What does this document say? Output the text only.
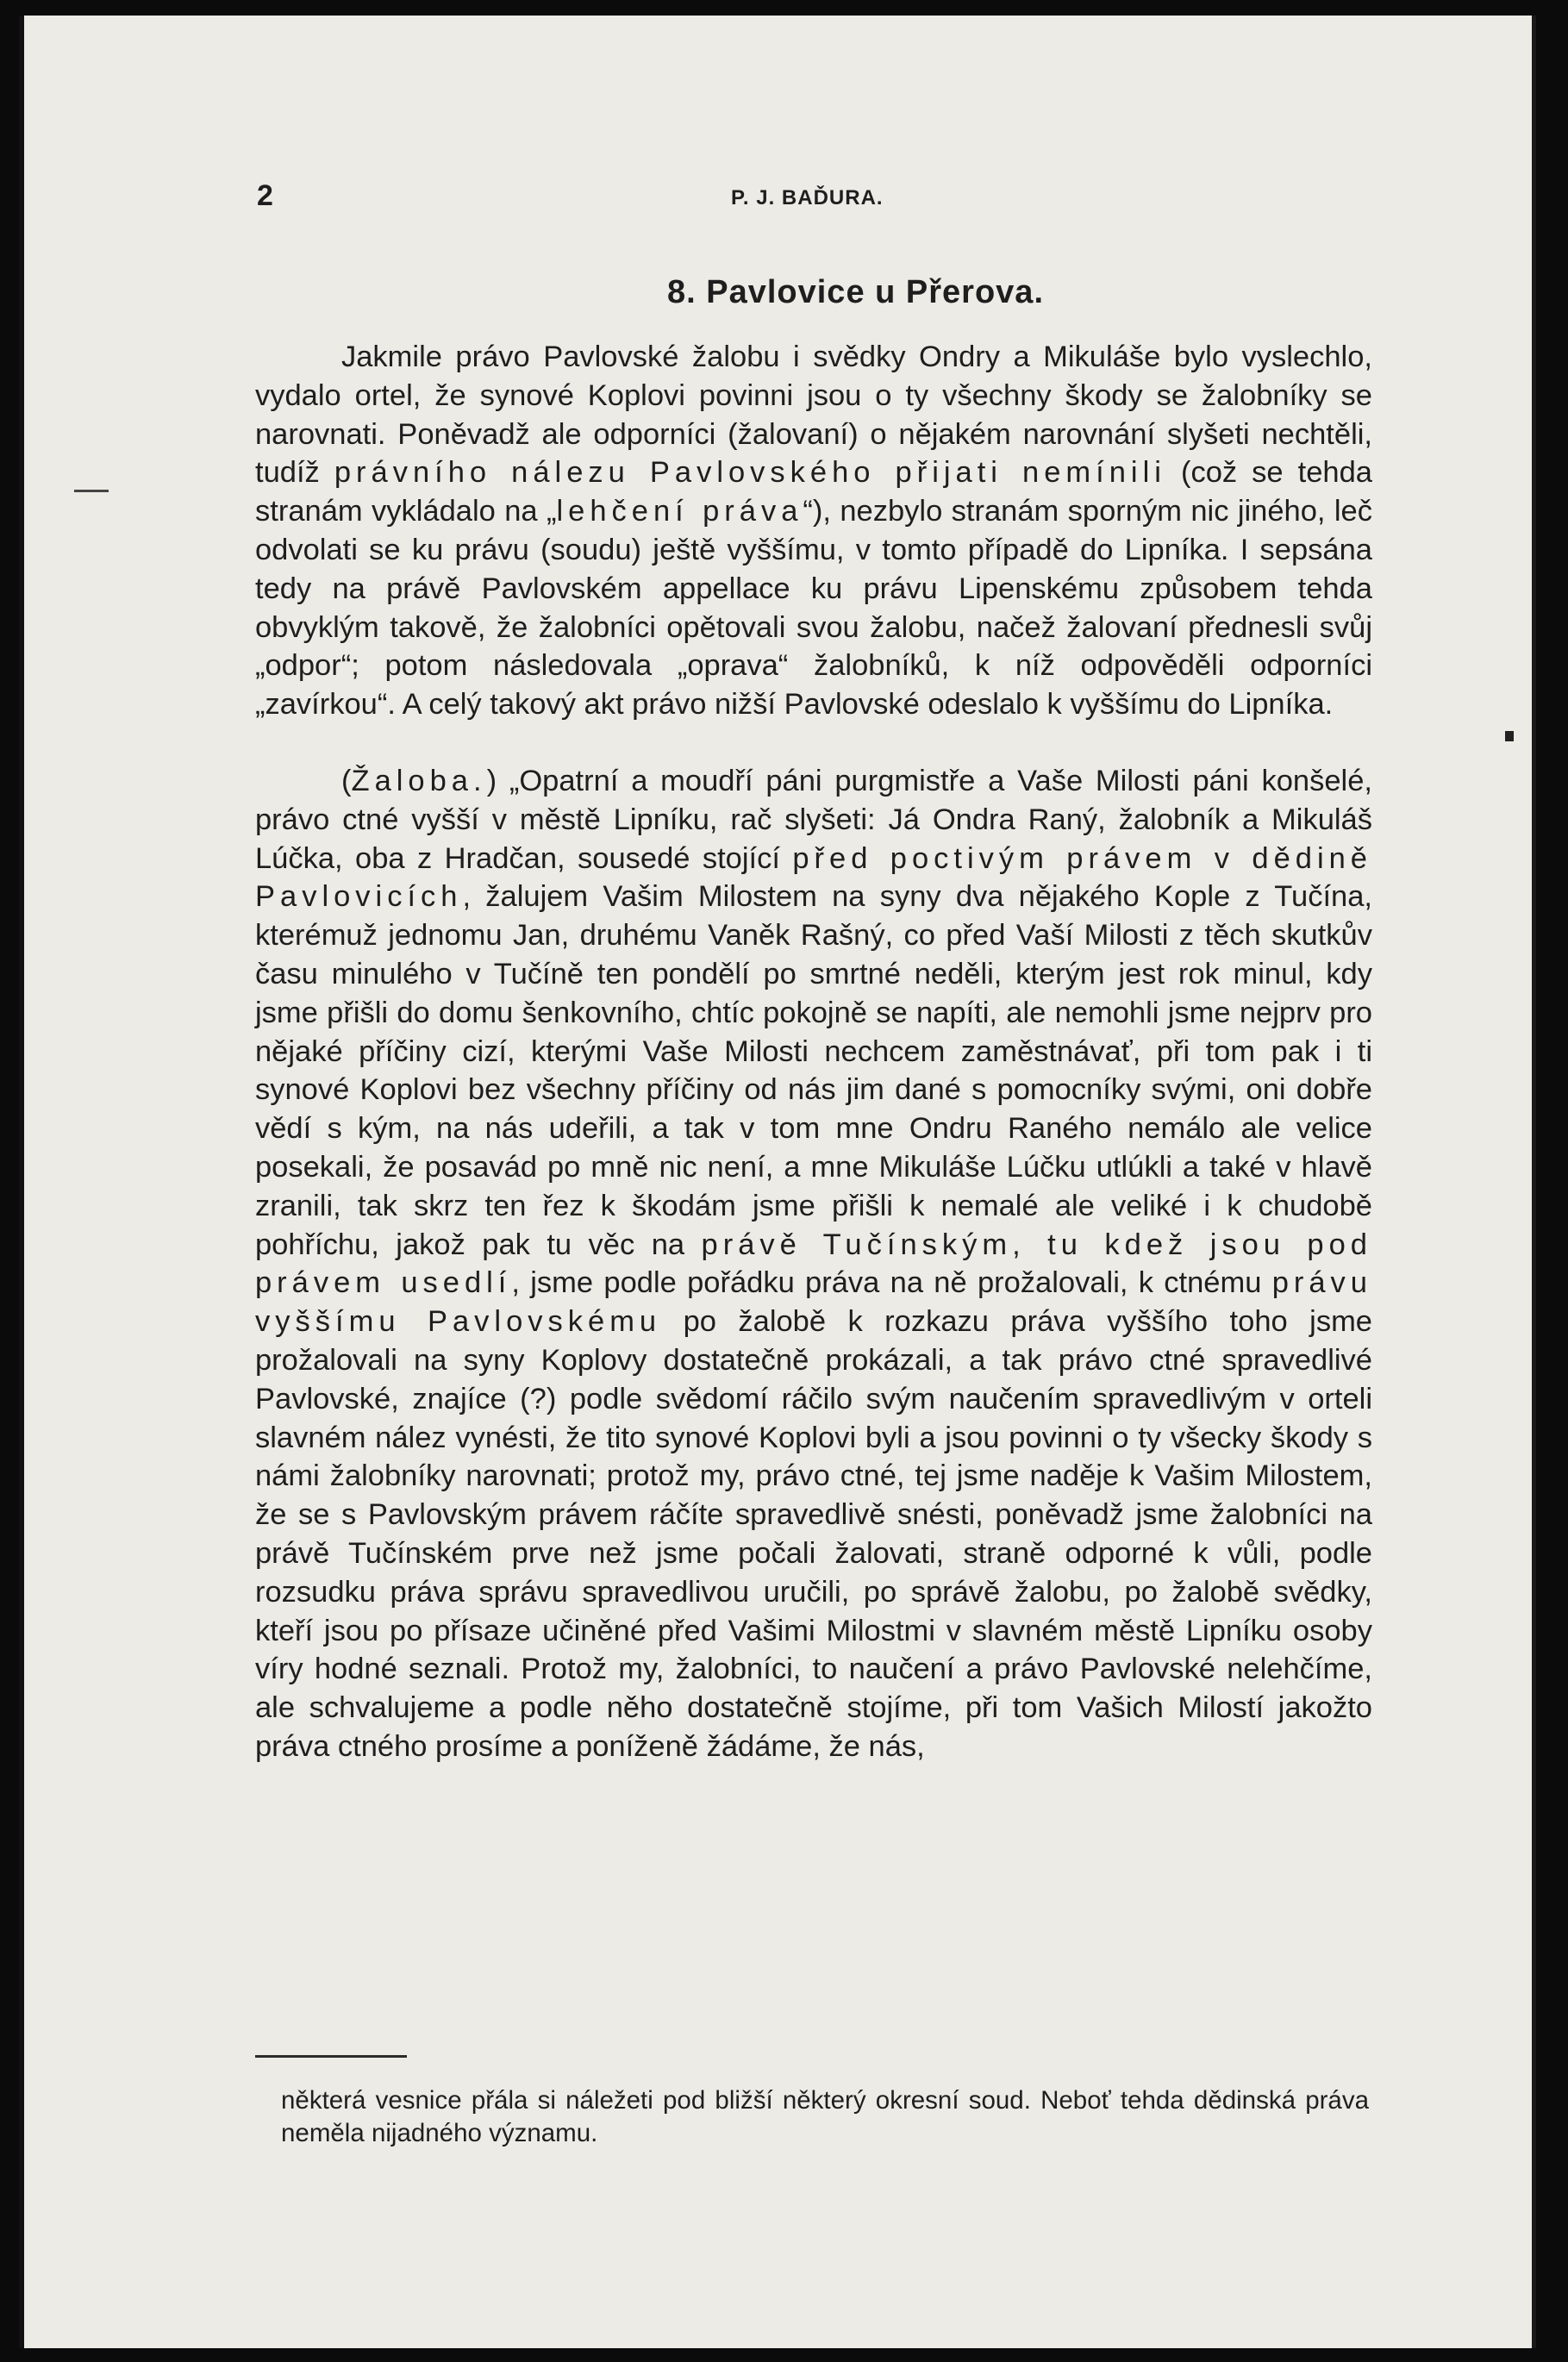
2	P. J. BAĎURA.
8. Pavlovice u Přerova.

Jakmile právo Pavlovské žalobu i svědky Ondry a Mikuláše bylo vyslechlo, vydalo ortel, že synové Koplovi povinni jsou o ty všechny škody se žalobníky se narovnati. Poněvadž ale odporníci (žalovaní) o nějakém narovnání slyšeti nechtěli, tudíž právního nálezu Pavlovského přijati nemínili (což se tehda stranám vykládalo na „lehčení práva“), nezbylo stranám sporným nic jiného, leč odvolati se ku právu (soudu) ještě vyššímu, v tomto případě do Lipníka. I sepsána tedy na právě Pavlovském appellace ku právu Lipenskému způsobem tehda obvyklým takově, že žalobníci opětovali svou žalobu, načež žalovaní přednesli svůj „odpor“; potom následovala „oprava“ žalobníků, k níž odpověděli odporníci „zavírkou“. A celý takový akt právo nižší Pavlovské odeslalo k vyššímu do Lipníka.

(Žaloba.) „Opatrní a moudří páni purgmistře a Vaše Milosti páni konšelé, právo ctné vyšší v městě Lipníku, rač slyšeti: Já Ondra Raný, žalobník a Mikuláš Lúčka, oba z Hradčan, sousedé stojící před poctivým právem v dědině Pavlovicích, žalujem Vašim Milostem na syny dva nějakého Kople z Tučína, kterémuž jednomu Jan, druhému Vaněk Rašný, co před Vaší Milosti z těch skutkův času minulého v Tučíně ten pondělí po smrtné neděli, kterým jest rok minul, kdy jsme přišli do domu šenkovního, chtíc pokojně se napíti, ale nemohli jsme nejprv pro nějaké příčiny cizí, kterými Vaše Milosti nechcem zaměstnávať, při tom pak i ti synové Koplovi bez všechny příčiny od nás jim dané s pomocníky svými, oni dobře vědí s kým, na nás udeřili, a tak v tom mne Ondru Raného nemálo ale velice posekali, že posavád po mně nic není, a mne Mikuláše Lúčku utlúkli a také v hlavě zranili, tak skrz ten řez k škodám jsme přišli k nemalé ale veliké i k chudobě pohříchu, jakož pak tu věc na právě Tučínským, tu kdež jsou pod právem usedlí, jsme podle pořádku práva na ně prožalovali, k ctnému právu vyššímu Pavlovskému po žalobě k rozkazu práva vyššího toho jsme prožalovali na syny Koplovy dostatečně prokázali, a tak právo ctné spravedlivé Pavlovské, znajíce (?) podle svědomí ráčilo svým naučením spravedlivým v orteli slavném nález vynésti, že tito synové Koplovi byli a jsou povinni o ty všecky škody s námi žalobníky narovnati; protož my, právo ctné, tej jsme naděje k Vašim Milostem, že se s Pavlovským právem ráčíte spravedlivě snésti, poněvadž jsme žalobníci na právě Tučínském prve než jsme počali žalovati, straně odporné k vůli, podle rozsudku práva správu spravedlivou uručili, po správě žalobu, po žalobě svědky, kteří jsou po přísaze učiněné před Vašimi Milostmi v slavném městě Lipníku osoby víry hodné seznali. Protož my, žalobníci, to naučení a právo Pavlovské nelehčíme, ale schvalujeme a podle něho dostatečně stojíme, při tom Vašich Milostí jakožto práva ctného prosíme a poníženě žádáme, že nás,

některá vesnice přála si náležeti pod bližší některý okresní soud. Neboť tehda dědinská práva neměla nijadného významu.
